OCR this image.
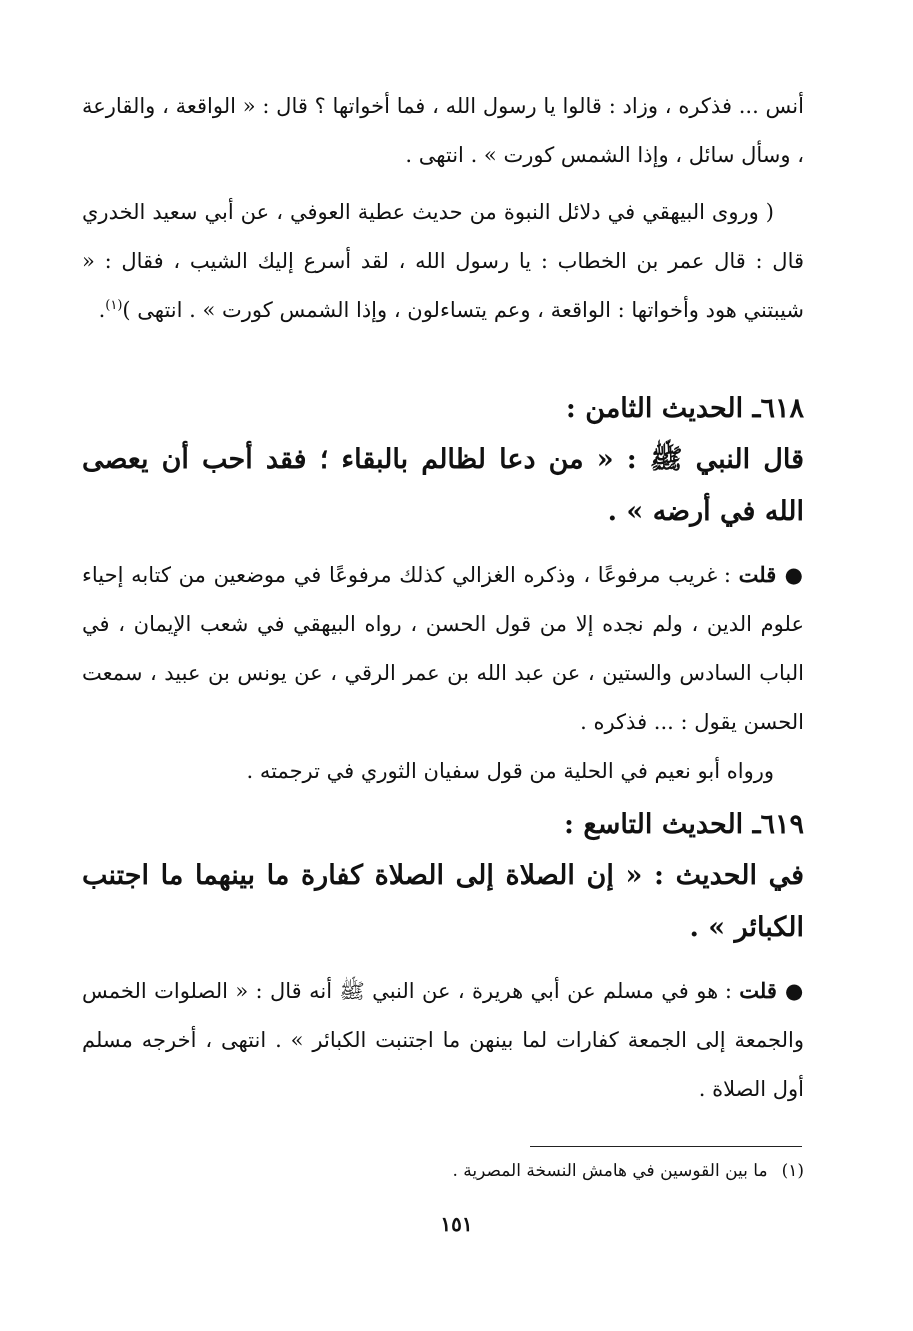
أنس ... فذكره ، وزاد : قالوا يا رسول الله ، فما أخواتها ؟ قال : « الواقعة ، والقارعة ، وسأل سائل ، وإذا الشمس كورت » . انتهى .

( وروى البيهقي في دلائل النبوة من حديث عطية العوفي ، عن أبي سعيد الخدري قال : قال عمر بن الخطاب : يا رسول الله ، لقد أسرع إليك الشيب ، فقال : « شيبتني هود وأخواتها : الواقعة ، وعم يتساءلون ، وإذا الشمس كورت » . انتهى )$^{(١)}$.

٦١٨ـ الحديث الثامن :

قال النبي ﷺ : « من دعا لظالم بالبقاء ؛ فقد أحب أن يعصى الله في أرضه » .

● قلت : غريب مرفوعًا ، وذكره الغزالي كذلك مرفوعًا في موضعين من كتابه إحياء علوم الدين ، ولم نجده إلا من قول الحسن ، رواه البيهقي في شعب الإيمان ، في الباب السادس والستين ، عن عبد الله بن عمر الرقي ، عن يونس بن عبيد ، سمعت الحسن يقول : ... فذكره .

ورواه أبو نعيم في الحلية من قول سفيان الثوري في ترجمته .

٦١٩ـ الحديث التاسع :

في الحديث : « إن الصلاة إلى الصلاة كفارة ما بينهما ما اجتنب الكبائر » .

● قلت : هو في مسلم عن أبي هريرة ، عن النبي ﷺ أنه قال : « الصلوات الخمس والجمعة إلى الجمعة كفارات لما بينهن ما اجتنبت الكبائر » . انتهى ، أخرجه مسلم أول الصلاة .

(١)ما بين القوسين في هامش النسخة المصرية .
١٥١
